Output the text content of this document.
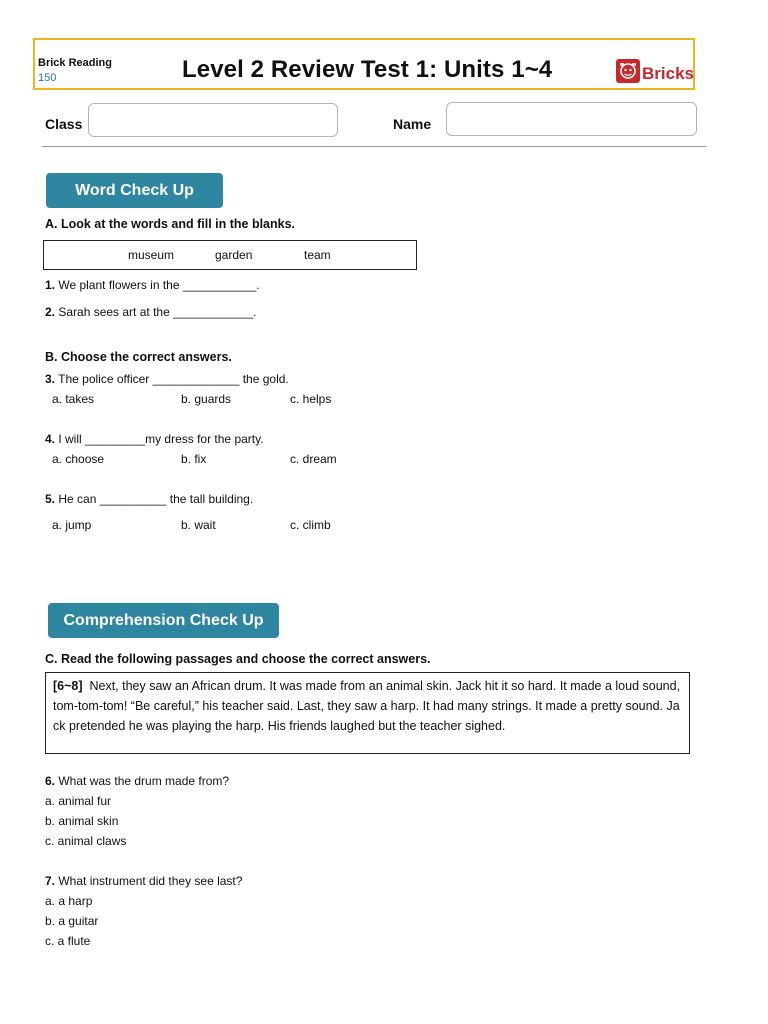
Brick Reading
150	Level 2 Review Test 1: Units 1~4	Bricks
Class	Name
Word Check Up
A. Look at the words and fill in the blanks.
museum	garden	team
1. We plant flowers in the ___________.
2. Sarah sees art at the ____________.
B. Choose the correct answers.
3. The police officer _____________ the gold.
a. takes	b. guards	c. helps
4. I will _________my dress for the party.
a. choose	b. fix	c. dream
5. He can __________ the tall building.
a. jump	b. wait	c. climb
Comprehension Check Up
C. Read the following passages and choose the correct answers.
[6~8] Next, they saw an African drum. It was made from an animal skin. Jack hit it so hard. It made a loud sound, tom-tom-tom! “Be careful,” his teacher said. Last, they saw a harp. It had many strings. It made a pretty sound. Jack pretended he was playing the harp. His friends laughed but the teacher sighed.
6. What was the drum made from?
a. animal fur
b. animal skin
c. animal claws
7. What instrument did they see last?
a. a harp
b. a guitar
c. a flute
